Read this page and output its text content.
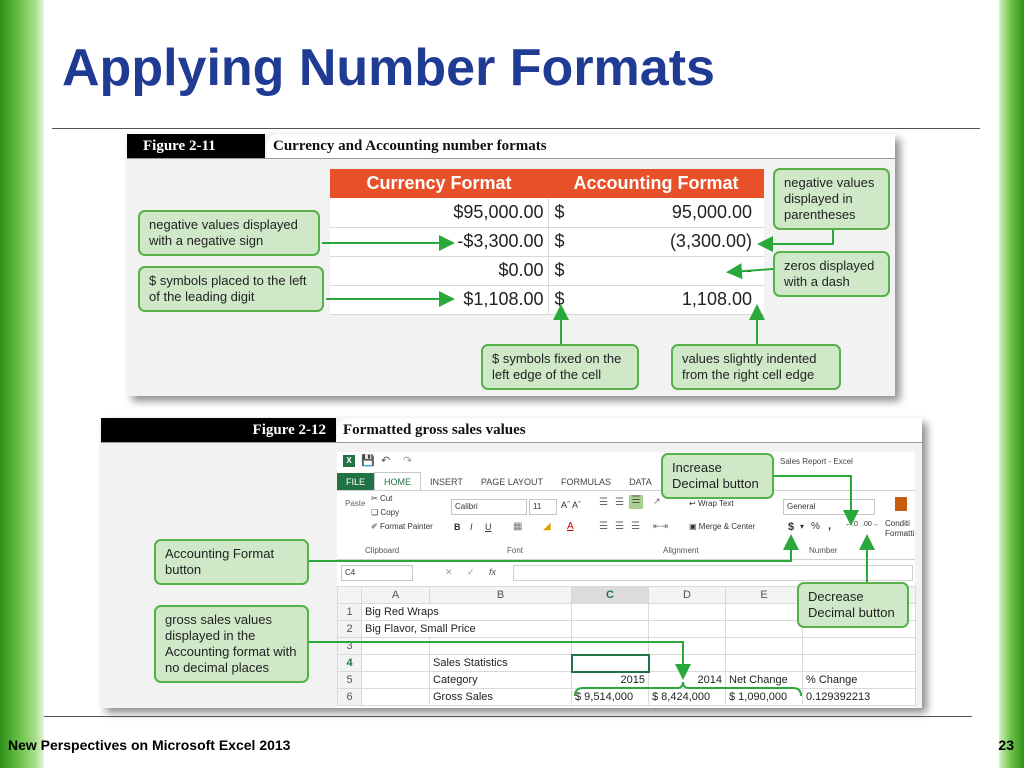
Applying Number Formats
New Perspectives on Microsoft Excel 2013	23
Figure 2-11	Currency and Accounting number formats
Currency Format	Accounting Format	
$95,000.00	$	95,000.00
-$3,300.00	$	(3,300.00)
$0.00	$	-
$1,108.00	$	1,108.00
negative values displayed with a negative sign
$ symbols placed to the left of the leading digit
negative values displayed in parentheses
zeros displayed with a dash
$ symbols fixed on the left edge of the cell
values slightly indented from the right cell edge
Figure 2-12	Formatted gross sales values
X 💾 ↶ ↷	Sales Report - Excel
FILE HOME INSERT PAGE LAYOUT FORMULAS DATA
Paste
✂ Cut
❏ Copy
✐ Format Painter
Clipboard
Calibri	11	Aˆ Aˇ
B I U ▦ ◢ A
Font
☰ ☰ ☰ ↗	↩ Wrap Text
☰ ☰ ☰ ⇤⇥	▣ Merge & Center
Alignment
General
$ ▾ % , ←.0 .00→
Number
Conditi
Formatti
C4	✕ ✓ fx
	A	B	C	D	E	
1	Big Red Wraps					
2	Big Flavor, Small Price					
3						
4		Sales Statistics				
5		Category	2015	2014	Net Change	% Change
6		Gross Sales	$ 9,514,000	$ 8,424,000	$ 1,090,000	0.129392213
Increase Decimal button
Accounting Format button
Decrease Decimal button
gross sales values displayed in the Accounting format with no decimal places
